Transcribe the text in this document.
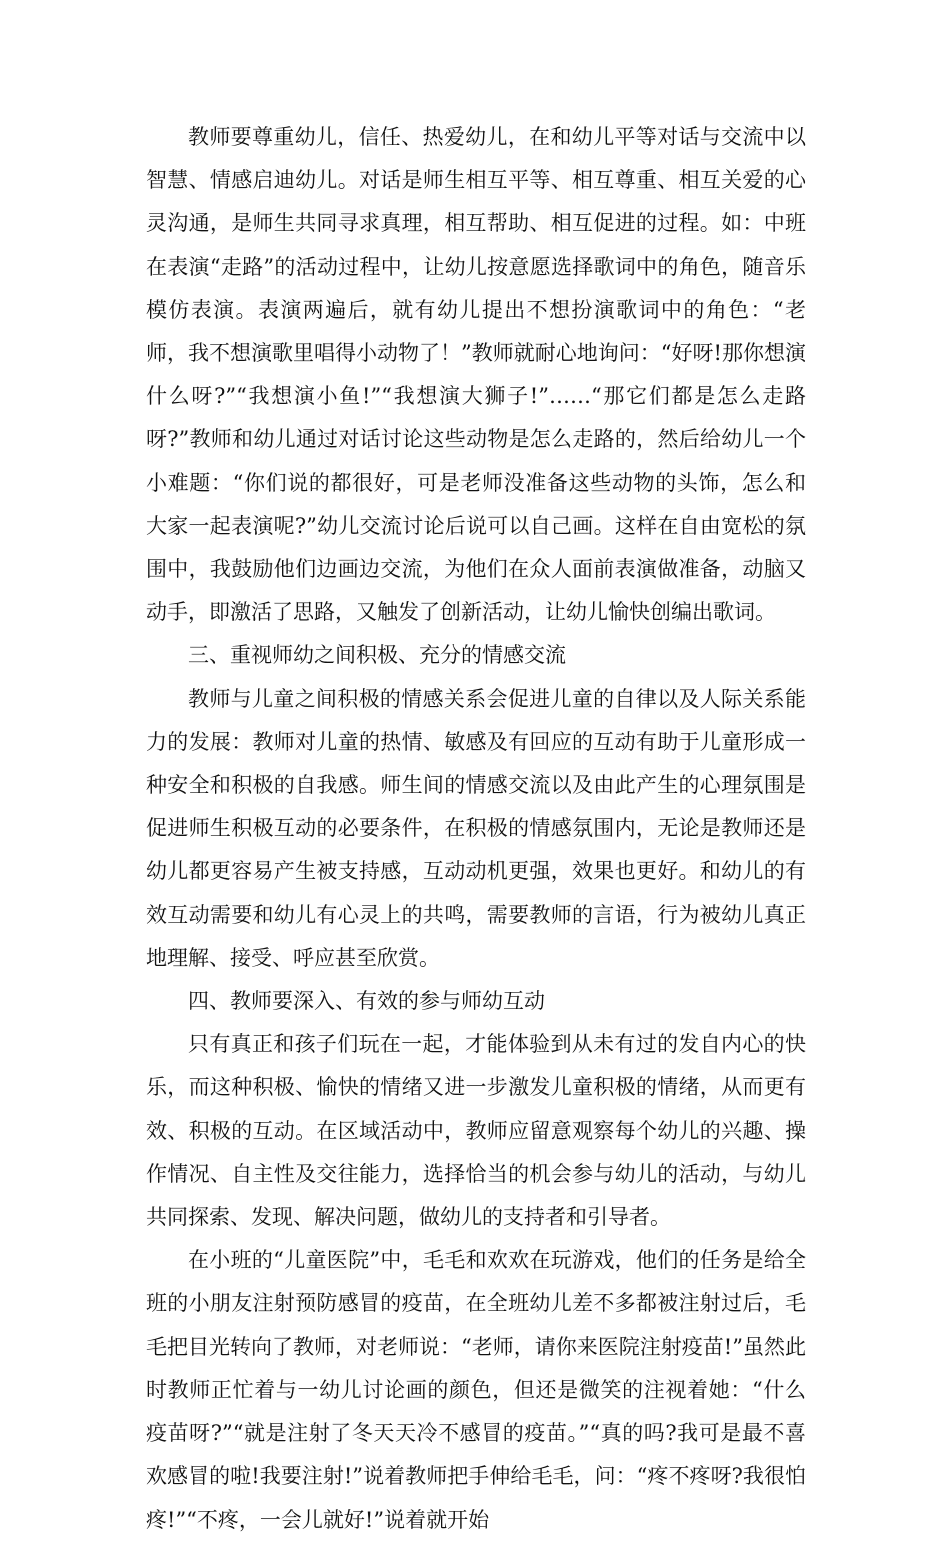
教师要尊重幼儿，信任、热爱幼儿，在和幼儿平等对话与交流中以智慧、情感启迪幼儿。对话是师生相互平等、相互尊重、相互关爱的心灵沟通，是师生共同寻求真理，相互帮助、相互促进的过程。如：中班在表演“走路”的活动过程中，让幼儿按意愿选择歌词中的角色，随音乐模仿表演。表演两遍后，就有幼儿提出不想扮演歌词中的角色：“老师，我不想演歌里唱得小动物了！”教师就耐心地询问：“好呀!那你想演什么呀?”“我想演小鱼!”“我想演大狮子!”……“那它们都是怎么走路呀?”教师和幼儿通过对话讨论这些动物是怎么走路的，然后给幼儿一个小难题：“你们说的都很好，可是老师没准备这些动物的头饰，怎么和大家一起表演呢?”幼儿交流讨论后说可以自己画。这样在自由宽松的氛围中，我鼓励他们边画边交流，为他们在众人面前表演做准备，动脑又动手，即激活了思路，又触发了创新活动，让幼儿愉快创编出歌词。

三、重视师幼之间积极、充分的情感交流

教师与儿童之间积极的情感关系会促进儿童的自律以及人际关系能力的发展：教师对儿童的热情、敏感及有回应的互动有助于儿童形成一种安全和积极的自我感。师生间的情感交流以及由此产生的心理氛围是促进师生积极互动的必要条件，在积极的情感氛围内，无论是教师还是幼儿都更容易产生被支持感，互动动机更强，效果也更好。和幼儿的有效互动需要和幼儿有心灵上的共鸣，需要教师的言语，行为被幼儿真正地理解、接受、呼应甚至欣赏。

四、教师要深入、有效的参与师幼互动

只有真正和孩子们玩在一起，才能体验到从未有过的发自内心的快乐，而这种积极、愉快的情绪又进一步激发儿童积极的情绪，从而更有效、积极的互动。在区域活动中，教师应留意观察每个幼儿的兴趣、操作情况、自主性及交往能力，选择恰当的机会参与幼儿的活动，与幼儿共同探索、发现、解决问题，做幼儿的支持者和引导者。

在小班的“儿童医院”中，毛毛和欢欢在玩游戏，他们的任务是给全班的小朋友注射预防感冒的疫苗，在全班幼儿差不多都被注射过后，毛毛把目光转向了教师，对老师说：“老师，请你来医院注射疫苗!”虽然此时教师正忙着与一幼儿讨论画的颜色，但还是微笑的注视着她：“什么疫苗呀?”“就是注射了冬天天冷不感冒的疫苗。”“真的吗?我可是最不喜欢感冒的啦!我要注射!”说着教师把手伸给毛毛，问：“疼不疼呀?我很怕疼!”“不疼，一会儿就好!”说着就开始
